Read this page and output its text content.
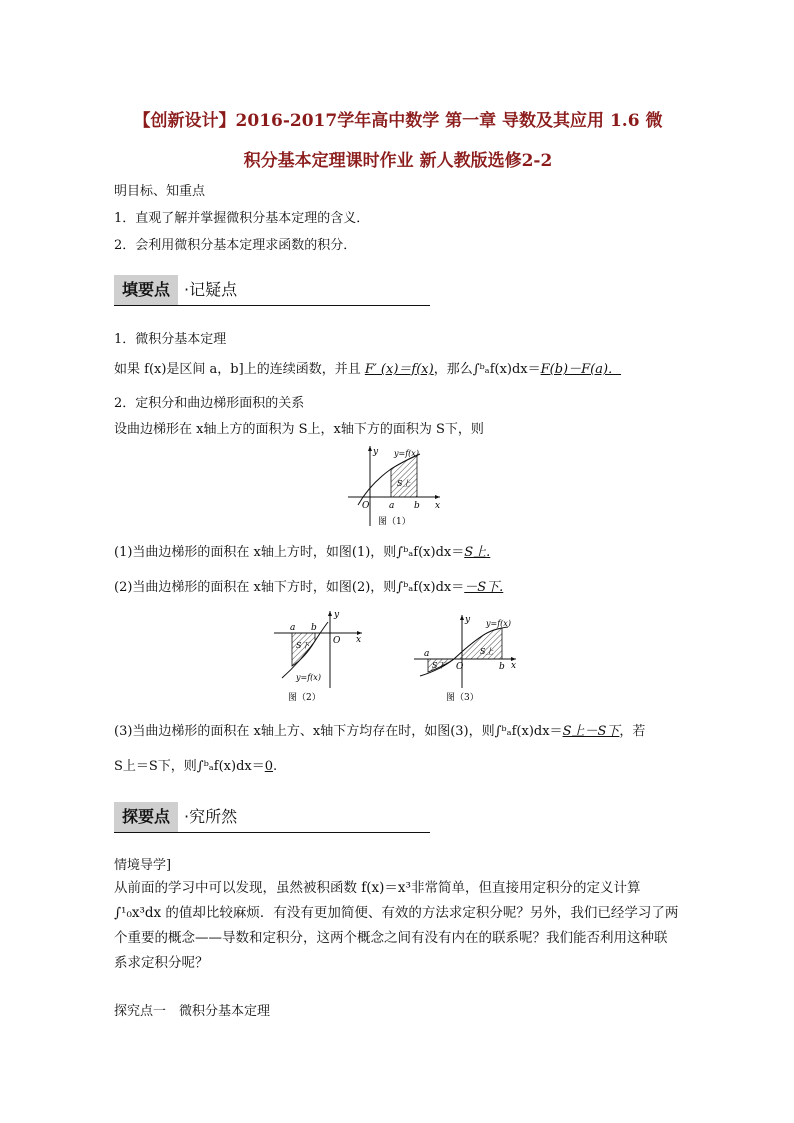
【创新设计】2016-2017学年高中数学 第一章 导数及其应用 1.6 微
积分基本定理课时作业 新人教版选修2-2
明目标、知重点
1．直观了解并掌握微积分基本定理的含义．
2．会利用微积分基本定理求函数的积分．
填要点 ·记疑点
1．微积分基本定理
如果 f(x)是区间 a，b]上的连续函数，并且 F′ (x)＝f(x)，那么∫ᵇₐf(x)dx＝F(b)－F(a)．
2．定积分和曲边梯形面积的关系
设曲边梯形在 x轴上方的面积为 S上，x轴下方的面积为 S下，则
y
x
O a b
y=f(x)
S上
图（1）
(1)当曲边梯形的面积在 x轴上方时，如图(1)，则∫ᵇₐf(x)dx＝S上.
(2)当曲边梯形的面积在 x轴下方时，如图(2)，则∫ᵇₐf(x)dx＝－S下.
y
x
O
a b
S下
y=f(x)
图（2）
y
x
O
a
b
S上
S下
y=f(x)
图（3）
(3)当曲边梯形的面积在 x轴上方、x轴下方均存在时，如图(3)，则∫ᵇₐf(x)dx＝S上－S下，若
S上＝S下，则∫ᵇₐf(x)dx＝0.
探要点 ·究所然
情境导学]
从前面的学习中可以发现，虽然被积函数 f(x)＝x³非常简单，但直接用定积分的定义计算∫¹₀x³dx 的值却比较麻烦．有没有更加简便、有效的方法求定积分呢？另外，我们已经学习了两个重要的概念——导数和定积分，这两个概念之间有没有内在的联系呢？我们能否利用这种联系求定积分呢？
探究点一　微积分基本定理
